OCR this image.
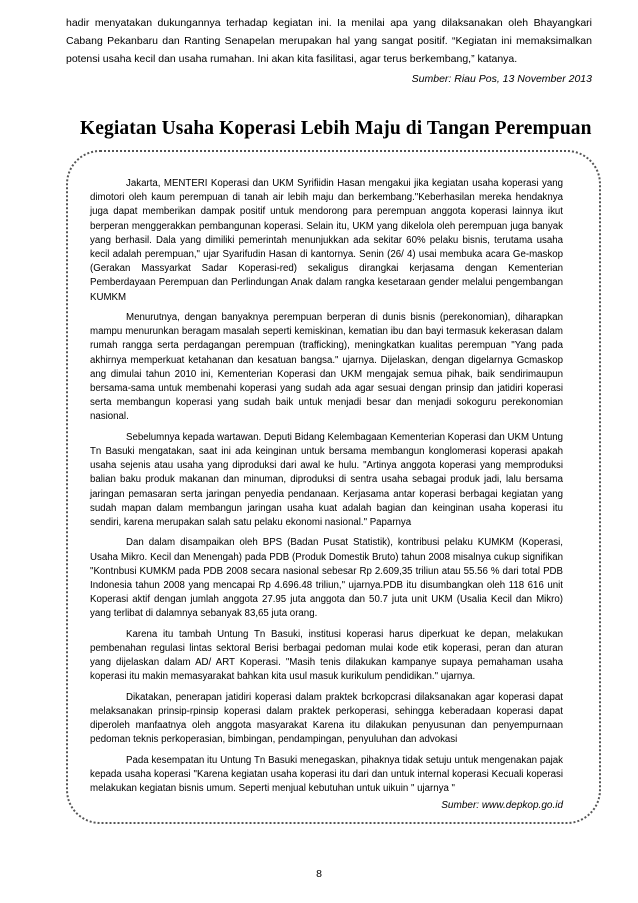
hadir menyatakan dukungannya terhadap kegiatan ini. Ia menilai apa yang dilaksanakan oleh Bhayangkari Cabang Pekanbaru dan Ranting Senapelan merupakan hal yang sangat positif. “Kegiatan ini memaksimalkan potensi usaha kecil dan usaha rumahan. Ini akan kita fasilitasi, agar terus berkembang,” katanya.

Sumber: Riau Pos, 13 November 2013

Kegiatan Usaha Koperasi Lebih Maju di Tangan Perempuan

Jakarta, MENTERI Koperasi dan UKM Syrifiidin Hasan mengakui jika kegiatan usaha koperasi yang dimotori oleh kaum perempuan di tanah air lebih maju dan berkembang."Keberhasilan mereka hendaknya juga dapat memberikan dampak positif untuk mendorong para perempuan anggota koperasi lainnya ikut berperan menggerakkan pembangunan koperasi. Selain itu, UKM yang dikelola oleh perempuan juga banyak yang berhasil. Dala yang dimiliki pemerintah menunjukkan ada sekitar 60% pelaku bisnis, terutama usaha kecil adalah perempuan," ujar Syarifudin Hasan di kantornya. Senin (26/ 4) usai membuka acara Ge-maskop (Gerakan Massyarkat Sadar Koperasi-red) sekaligus dirangkai kerjasama dengan Kementerian Pemberdayaan Perempuan dan Perlindungan Anak dalam rangka kesetaraan gender melalui pengembangan KUMKM

Menurutnya, dengan banyaknya perempuan berperan di dunis bisnis (perekonomian), diharapkan mampu menurunkan beragam masalah seperti kemiskinan, kematian ibu dan bayi termasuk kekerasan dalam rumah rangga serta perdagangan perempuan (trafficking), meningkatkan kualitas perempuan "Yang pada akhirnya memperkuat ketahanan dan kesatuan bangsa." ujarnya. Dijelaskan, dengan digelarnya Gcmaskop ang dimulai tahun 2010 ini, Kementerian Koperasi dan UKM mengajak semua pihak, baik sendirimaupun bersama-sama untuk membenahi koperasi yang sudah ada agar sesuai dengan prinsip dan jatidiri koperasi serta membangun koperasi yang sudah baik untuk menjadi besar dan menjadi sokoguru perekonomian nasional.

Sebelumnya kepada wartawan. Deputi Bidang Kelembagaan Kementerian Koperasi dan UKM Untung Tn Basuki mengatakan, saat ini ada keinginan untuk bersama membangun konglomerasi koperasi apakah usaha sejenis atau usaha yang diproduksi dari awal ke hulu. "Artinya anggota koperasi yang memproduksi balian baku produk makanan dan minuman, diproduksi di sentra usaha sebagai produk jadi, lalu bersama jaringan pemasaran serta jaringan penyedia pendanaan. Kerjasama antar koperasi berbagai kegiatan yang sudah mapan dalam membangun jaringan usaha kuat adalah bagian dan keinginan usaha koperasi itu sendiri, karena merupakan salah satu pelaku ekonomi nasional." Paparnya

Dan dalam disampaikan oleh BPS (Badan Pusat Statistik), kontribusi pelaku KUMKM (Koperasi, Usaha Mikro. Kecil dan Menengah) pada PDB (Produk Domestik Bruto) tahun 2008 misalnya cukup signifikan "Kontnbusi KUMKM pada PDB 2008 secara nasional sebesar Rp 2.609,35 triliun atau 55.56 % dari total PDB Indonesia tahun 2008 yang mencapai Rp 4.696.48 triliun," ujarnya.PDB itu disumbangkan oleh 118 616 unit Koperasi aktif dengan jumlah anggota 27.95 juta anggota dan 50.7 juta unit UKM (Usalia Kecil dan Mikro) yang terlibat di dalamnya sebanyak 83,65 juta orang.

Karena itu tambah Untung Tn Basuki, institusi koperasi harus diperkuat ke depan, melakukan pembenahan regulasi lintas sektoral Berisi berbagai pedoman mulai kode etik koperasi, peran dan aturan yang dijelaskan dalam AD/ ART Koperasi. "Masih tenis dilakukan kampanye supaya pemahaman usaha koperasi itu makin memasyarakat bahkan kita usul masuk kurikulum pendidikan." ujarnya.

Dikatakan, penerapan jatidiri koperasi dalam praktek bcrkopcrasi dilaksanakan agar koperasi dapat melaksanakan prinsip-rpinsip koperasi dalam praktek perkoperasi, sehingga keberadaan koperasi dapat diperoleh manfaatnya oleh anggota masyarakat Karena itu dilakukan penyusunan dan penyempurnaan pedoman teknis perkoperasian, bimbingan, pendampingan, penyuluhan dan advokasi

Pada kesempatan itu Untung Tn Basuki menegaskan, pihaknya tidak setuju untuk mengenakan pajak kepada usaha koperasi "Karena kegiatan usaha koperasi itu dari dan untuk internal koperasi Kecuali koperasi melakukan kegiatan bisnis umum. Seperti menjual kebutuhan untuk uikuin " ujarnya "

Sumber: www.depkop.go.id

8
